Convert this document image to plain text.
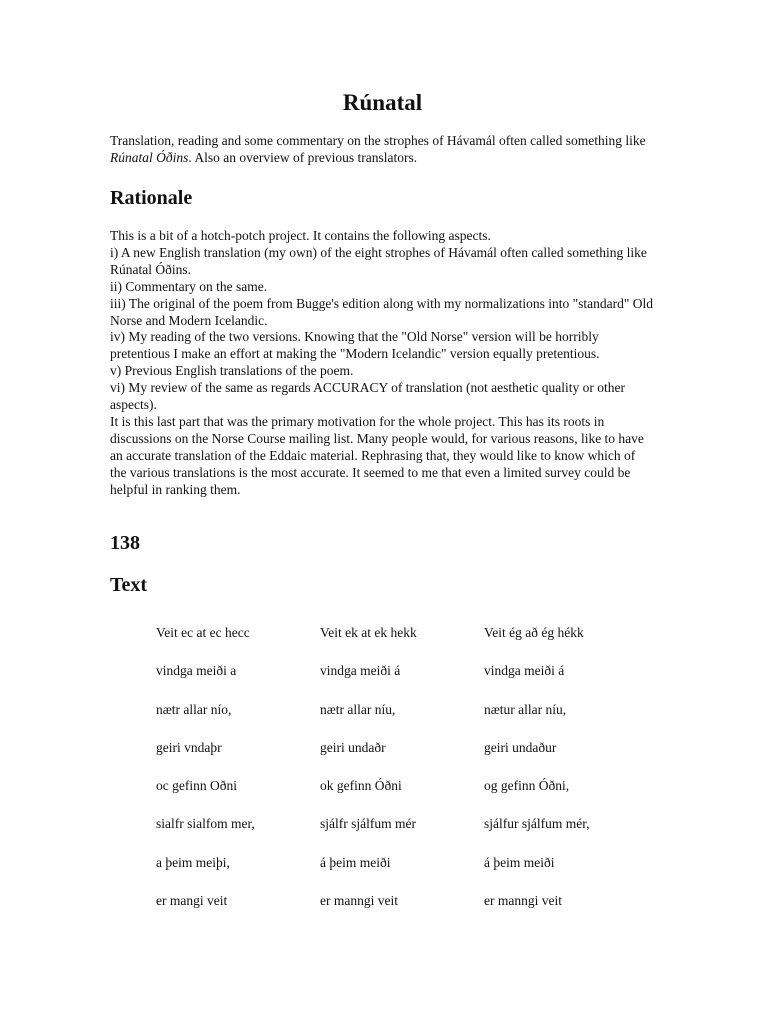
Rúnatal

Translation, reading and some commentary on the strophes of Hávamál often called something like Rúnatal Óðins. Also an overview of previous translators.

Rationale
This is a bit of a hotch-potch project. It contains the following aspects.
i) A new English translation (my own) of the eight strophes of Hávamál often called something like Rúnatal Óðins.
ii) Commentary on the same.
iii) The original of the poem from Bugge's edition along with my normalizations into "standard" Old Norse and Modern Icelandic.
iv) My reading of the two versions. Knowing that the "Old Norse" version will be horribly pretentious I make an effort at making the "Modern Icelandic" version equally pretentious.
v) Previous English translations of the poem.
vi) My review of the same as regards ACCURACY of translation (not aesthetic quality or other aspects).
It is this last part that was the primary motivation for the whole project. This has its roots in discussions on the Norse Course mailing list. Many people would, for various reasons, like to have an accurate translation of the Eddaic material. Rephrasing that, they would like to know which of the various translations is the most accurate. It seemed to me that even a limited survey could be helpful in ranking them.
138
Text
Veit ec at ec hecc	Veit ek at ek hekk	Veit ég að ég hékk
vindga meiði a	vindga meiði á	vindga meiði á
nætr allar nío,	nætr allar níu,	nætur allar níu,
geiri vndaþr	geiri undaðr	geiri undaður
oc gefinn Oðni	ok gefinn Óðni	og gefinn Óðni,
sialfr sialfom mer,	sjálfr sjálfum mér	sjálfur sjálfum mér,
a þeim meiþi,	á þeim meiði	á þeim meiði
er mangi veit	er manngi veit	er manngi veit
